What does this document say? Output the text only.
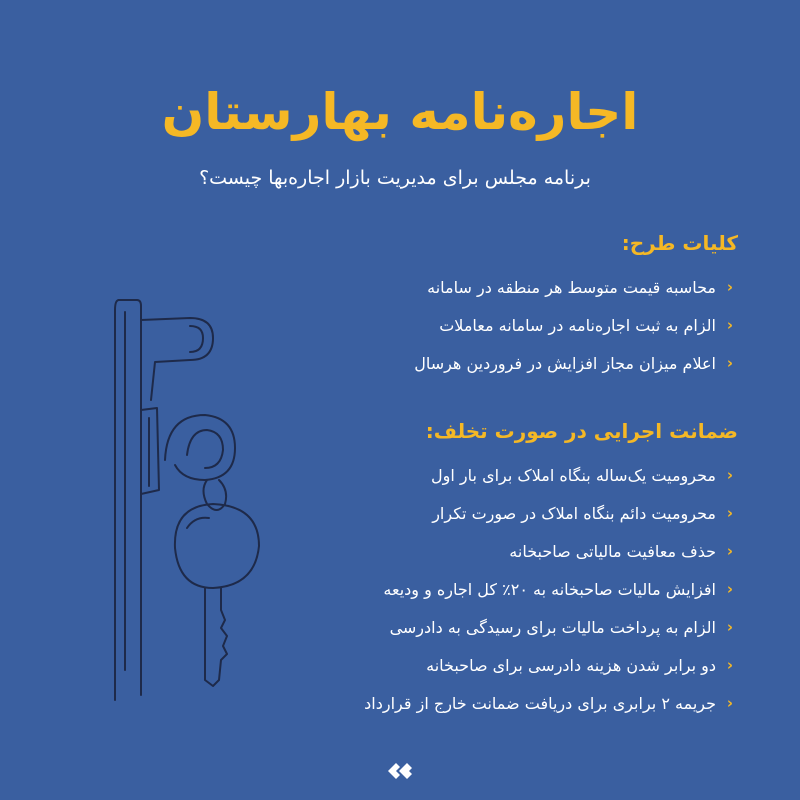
اجاره‌نامه بهارستان

برنامه مجلس برای مدیریت بازار اجاره‌بها چیست؟

کلیات طرح:
‹
محاسبه قیمت متوسط هر منطقه در سامانه
‹
الزام به ثبت اجاره‌نامه در سامانه معاملات
‹
اعلام میزان مجاز افزایش در فروردین هرسال
ضمانت اجرایی در صورت تخلف:
‹
محرومیت یک‌ساله بنگاه املاک برای بار اول
‹
محرومیت دائم بنگاه املاک در صورت تکرار
‹
حذف معافیت مالیاتی صاحبخانه
‹
افزایش مالیات صاحبخانه به ۲۰٪ کل اجاره و ودیعه
‹
الزام به پرداخت مالیات برای رسیدگی به دادرسی
‹
دو برابر شدن هزینه دادرسی برای صاحبخانه
‹
جریمه ۲ برابری برای دریافت ضمانت خارج از قرارداد
